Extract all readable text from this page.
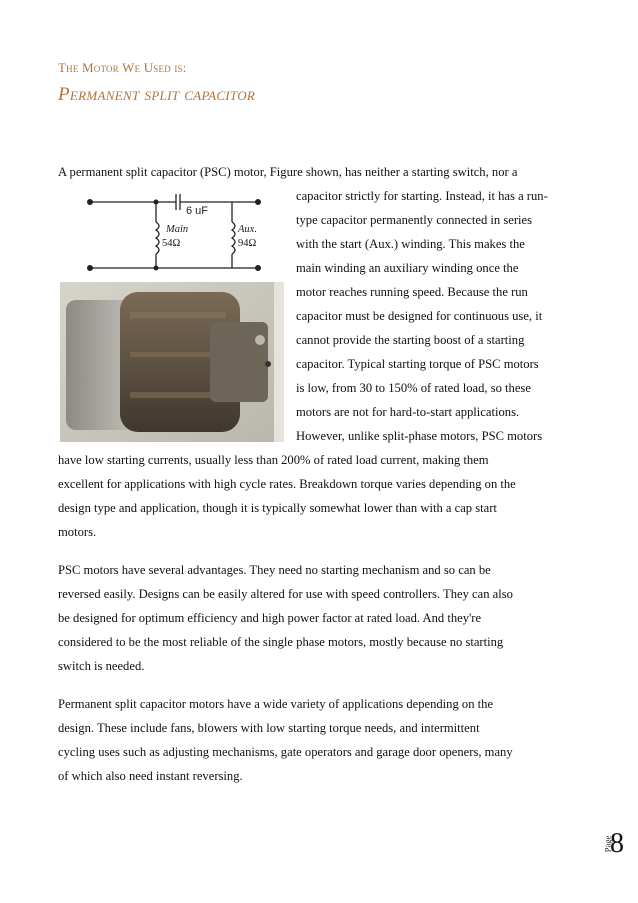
The Motor We Used is:
Permanent split capacitor
6 uF
Main
54Ω
Aux.
94Ω
A permanent split capacitor (PSC) motor, Figure shown, has neither a starting switch, nor a
capacitor strictly for starting. Instead, it has a run-
type capacitor permanently connected in series
with the start (Aux.) winding. This makes the
main winding an auxiliary winding once the
motor reaches running speed. Because the run
capacitor must be designed for continuous use, it
cannot provide the starting boost of a starting
capacitor. Typical starting torque of PSC motors
is low, from 30 to 150% of rated load, so these
motors are not for hard-to-start applications.
However, unlike split-phase motors, PSC motors
have low starting currents, usually less than 200% of rated load current, making them
excellent for applications with high cycle rates. Breakdown torque varies depending on the
design type and application, though it is typically somewhat lower than with a cap start
motors.
PSC motors have several advantages. They need no starting mechanism and so can be
reversed easily. Designs can be easily altered for use with speed controllers. They can also
be designed for optimum efficiency and high power factor at rated load. And they're
considered to be the most reliable of the single phase motors, mostly because no starting
switch is needed.
Permanent split capacitor motors have a wide variety of applications depending on the
design. These include fans, blowers with low starting torque needs, and intermittent
cycling uses such as adjusting mechanisms, gate operators and garage door openers, many
of which also need instant reversing.
Page
8
